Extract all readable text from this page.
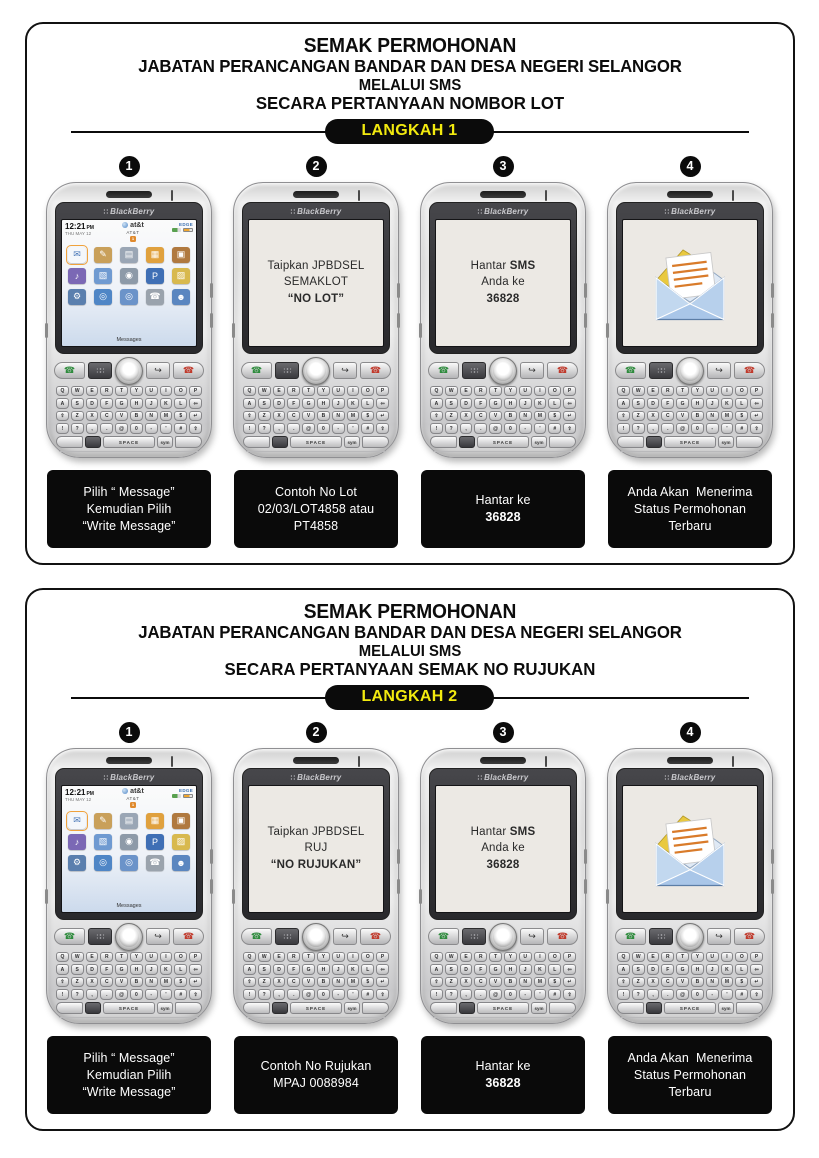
SEMAK PERMOHONAN
JABATAN PERANCANGAN BANDAR DAN DESA NEGERI SELANGOR
MELALUI SMS
SECARA PERTANYAAN NOMBOR LOT
LANGKAH 1
1
∷ BlackBerry
12:21PM
THU MAY 12
at&t
AT&T
1
EDGE
✉	✎	▤	▦	▣
♪	▧	◉	P	▨
⚙	◎	◎	☎	☻
Messages
☎	∷∷	↪ ☎
Q	W	E	R	T	Y	U	I	O	P
A	S	D	F	G	H	J	K	L	⇦
⇧	Z	X	C	V	B	N	M	$	↵
!	?	,	.	@	0	-	'	#	⇧
SPACE	sym
Pilih “ Message”
Kemudian Pilih
“Write Message”
2
∷ BlackBerry
Taipkan JPBDSEL
SEMAKLOT
“NO LOT”
☎	∷∷	↪ ☎
Q	W	E	R	T	Y	U	I	O	P
A	S	D	F	G	H	J	K	L	⇦
⇧	Z	X	C	V	B	N	M	$	↵
!	?	,	.	@	0	-	'	#	⇧
SPACE	sym
Contoh No Lot
02/03/LOT4858 atau
PT4858
3
∷ BlackBerry
Hantar SMS
Anda ke
36828
☎	∷∷	↪ ☎
Q	W	E	R	T	Y	U	I	O	P
A	S	D	F	G	H	J	K	L	⇦
⇧	Z	X	C	V	B	N	M	$	↵
!	?	,	.	@	0	-	'	#	⇧
SPACE	sym
Hantar ke
36828
4
∷ BlackBerry
☎	∷∷	↪ ☎
Q	W	E	R	T	Y	U	I	O	P
A	S	D	F	G	H	J	K	L	⇦
⇧	Z	X	C	V	B	N	M	$	↵
!	?	,	.	@	0	-	'	#	⇧
SPACE	sym
Anda Akan  Menerima
Status Permohonan
Terbaru
SEMAK PERMOHONAN
JABATAN PERANCANGAN BANDAR DAN DESA NEGERI SELANGOR
MELALUI SMS
SECARA PERTANYAAN SEMAK NO RUJUKAN
LANGKAH 2
1
∷ BlackBerry
12:21PM
THU MAY 12
at&t
AT&T
1
EDGE
✉	✎	▤	▦	▣
♪	▧	◉	P	▨
⚙	◎	◎	☎	☻
Messages
☎	∷∷	↪ ☎
Q	W	E	R	T	Y	U	I	O	P
A	S	D	F	G	H	J	K	L	⇦
⇧	Z	X	C	V	B	N	M	$	↵
!	?	,	.	@	0	-	'	#	⇧
SPACE	sym
Pilih “ Message”
Kemudian Pilih
“Write Message”
2
∷ BlackBerry
Taipkan JPBDSEL
RUJ
“NO RUJUKAN”
☎	∷∷	↪ ☎
Q	W	E	R	T	Y	U	I	O	P
A	S	D	F	G	H	J	K	L	⇦
⇧	Z	X	C	V	B	N	M	$	↵
!	?	,	.	@	0	-	'	#	⇧
SPACE	sym
Contoh No Rujukan
MPAJ 0088984
3
∷ BlackBerry
Hantar SMS
Anda ke
36828
☎	∷∷	↪ ☎
Q	W	E	R	T	Y	U	I	O	P
A	S	D	F	G	H	J	K	L	⇦
⇧	Z	X	C	V	B	N	M	$	↵
!	?	,	.	@	0	-	'	#	⇧
SPACE	sym
Hantar ke
36828
4
∷ BlackBerry
☎	∷∷	↪ ☎
Q	W	E	R	T	Y	U	I	O	P
A	S	D	F	G	H	J	K	L	⇦
⇧	Z	X	C	V	B	N	M	$	↵
!	?	,	.	@	0	-	'	#	⇧
SPACE	sym
Anda Akan  Menerima
Status Permohonan
Terbaru
